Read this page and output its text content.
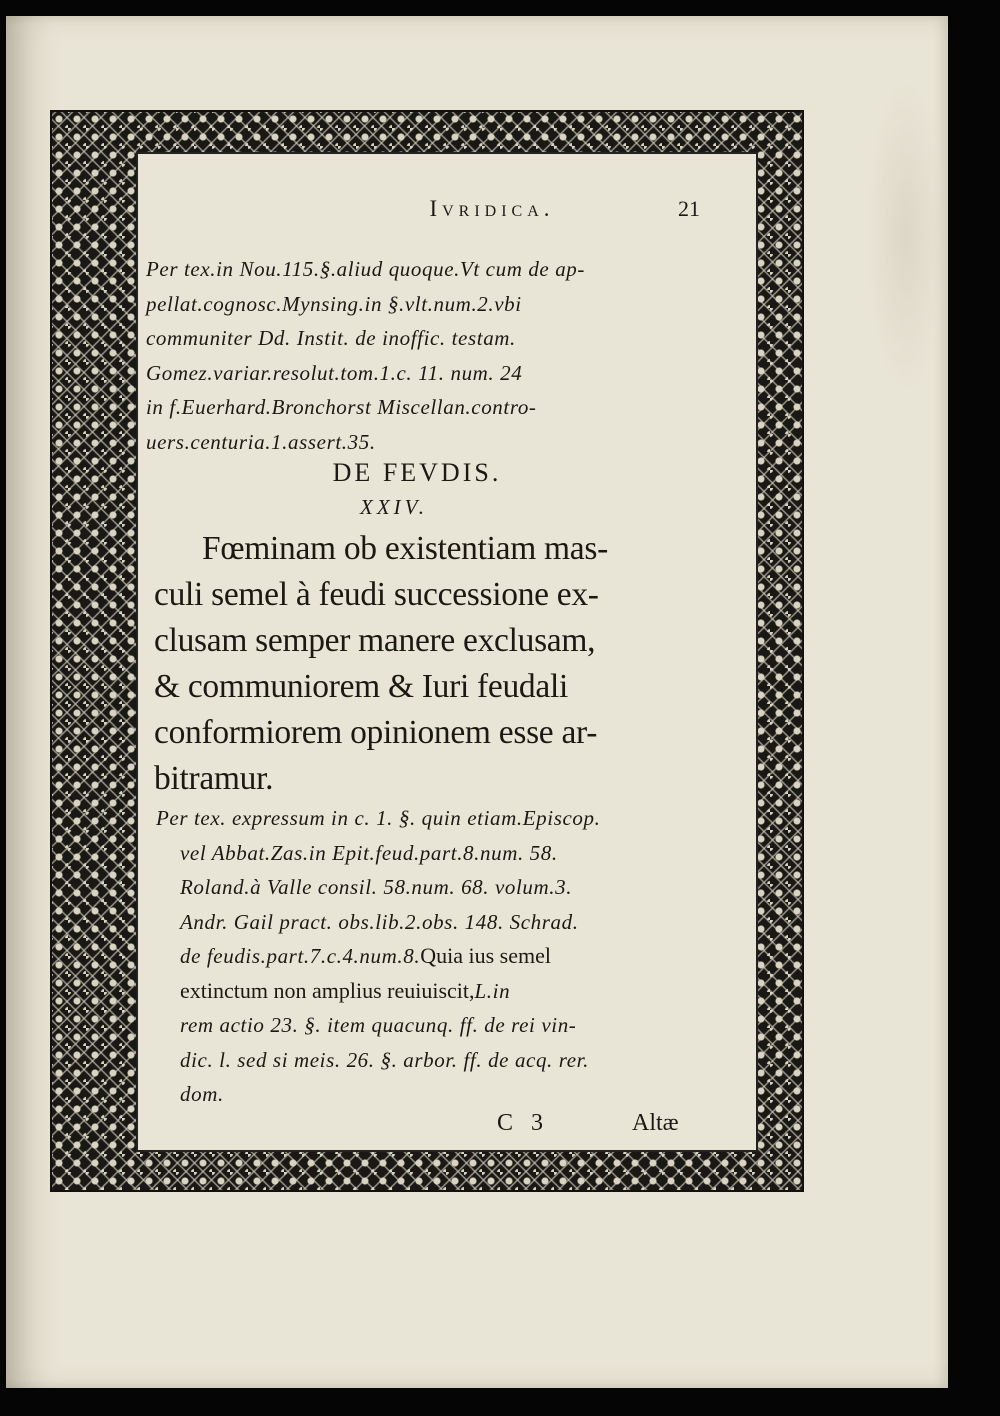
Ivridica.	21
Per tex.in Nou.115.§.aliud quoque.Vt cum de ap-
pellat.cognosc.Mynsing.in §.vlt.num.2.vbi
communiter Dd. Instit. de inoffic. testam.
Gomez.variar.resolut.tom.1.c. 11. num. 24
in f.Euerhard.Bronchorst Miscellan.contro-
uers.centuria.1.assert.35.
DE FEVDIS.
XXIV.
Fœminam ob existentiam mas-
culi semel à feudi successione ex-
clusam semper manere exclusam,
& communiorem & Iuri feudali
conformiorem opinionem esse ar-
bitramur.
Per tex. expressum in c. 1. §. quin etiam.Episcop.
vel Abbat.Zas.in Epit.feud.part.8.num. 58.
Roland.à Valle consil. 58.num. 68. volum.3.
Andr. Gail pract. obs.lib.2.obs. 148. Schrad.
de feudis.part.7.c.4.num.8.Quia ius semel
extinctum non amplius reuiuiscit,L.in
rem actio 23. §. item quacunq. ff. de rei vin-
dic. l. sed si meis. 26. §. arbor. ff. de acq. rer.
dom.
C 3	Altæ
